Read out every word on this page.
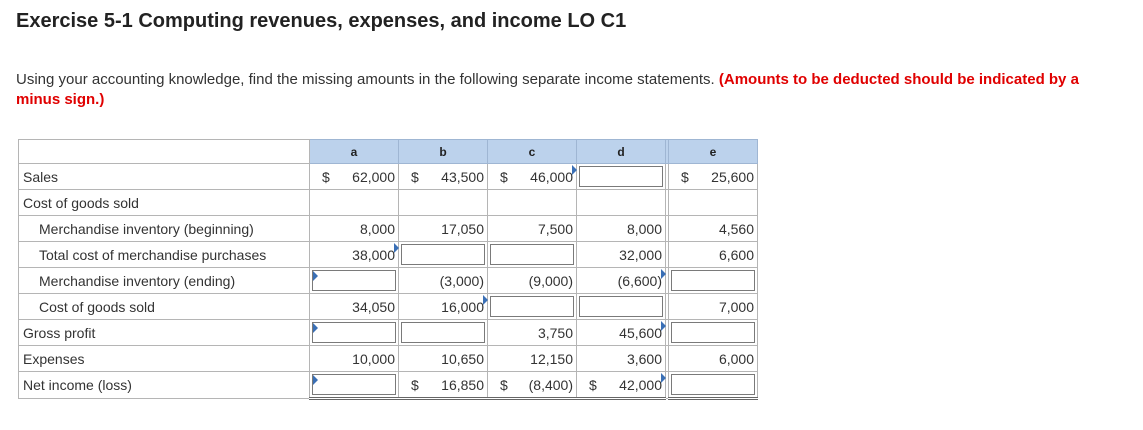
Exercise 5-1 Computing revenues, expenses, and income LO C1
Using your accounting knowledge, find the missing amounts in the following separate income statements. (Amounts to be deducted should be indicated by a minus sign.)
	a	b	c	d		e
Sales	$ 62,000	$ 43,500	$ 46,000			$ 25,600

Cost of goods sold						
Merchandise inventory (beginning)	8,000	17,050	7,500	8,000		4,560

Total cost of merchandise purchases	38,000			32,000		6,600

Merchandise inventory (ending)		(3,000)	(9,000)	(6,600)		

Cost of goods sold	34,050	16,000				7,000

Gross profit			3,750	45,600		

Expenses	10,000	10,650	12,150	3,600		6,000

Net income (loss)		$ 16,850	$ (8,400)	$ 42,000		
